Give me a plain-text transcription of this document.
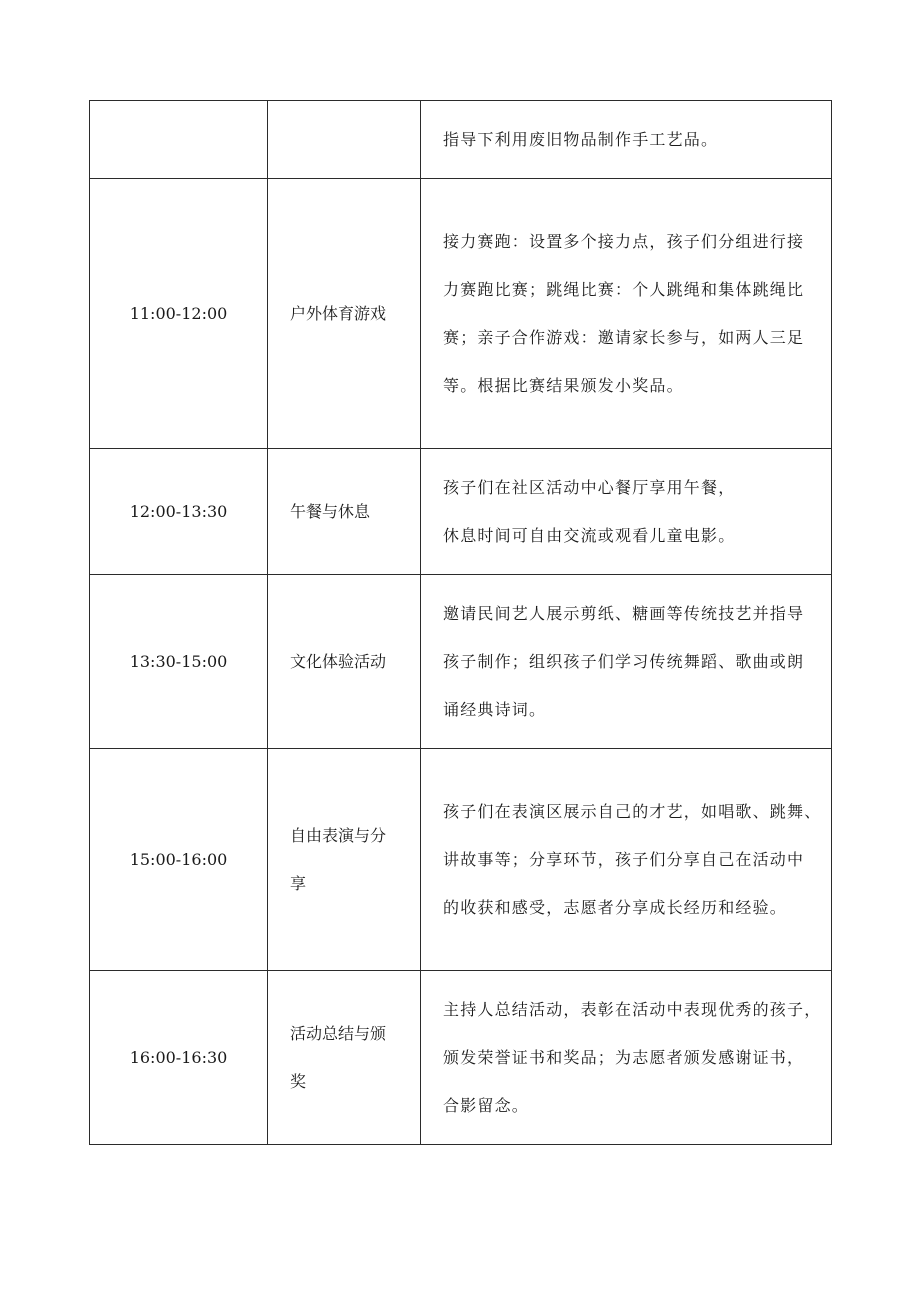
		指导下利用废旧物品制作手工艺品。

11:00-12:00	户外体育游戏	接力赛跑：设置多个接力点，孩子们分组进行接
力赛跑比赛；跳绳比赛：个人跳绳和集体跳绳比
赛；亲子合作游戏：邀请家长参与，如两人三足
等。根据比赛结果颁发小奖品。

12:00-13:30	午餐与休息	孩子们在社区活动中心餐厅享用午餐，
休息时间可自由交流或观看儿童电影。

13:30-15:00	文化体验活动	邀请民间艺人展示剪纸、糖画等传统技艺并指导
孩子制作；组织孩子们学习传统舞蹈、歌曲或朗
诵经典诗词。

15:00-16:00	自由表演与分享	孩子们在表演区展示自己的才艺，如唱歌、跳舞、
讲故事等；分享环节，孩子们分享自己在活动中
的收获和感受，志愿者分享成长经历和经验。

16:00-16:30	活动总结与颁奖	主持人总结活动，表彰在活动中表现优秀的孩子，
颁发荣誉证书和奖品；为志愿者颁发感谢证书，
合影留念。
